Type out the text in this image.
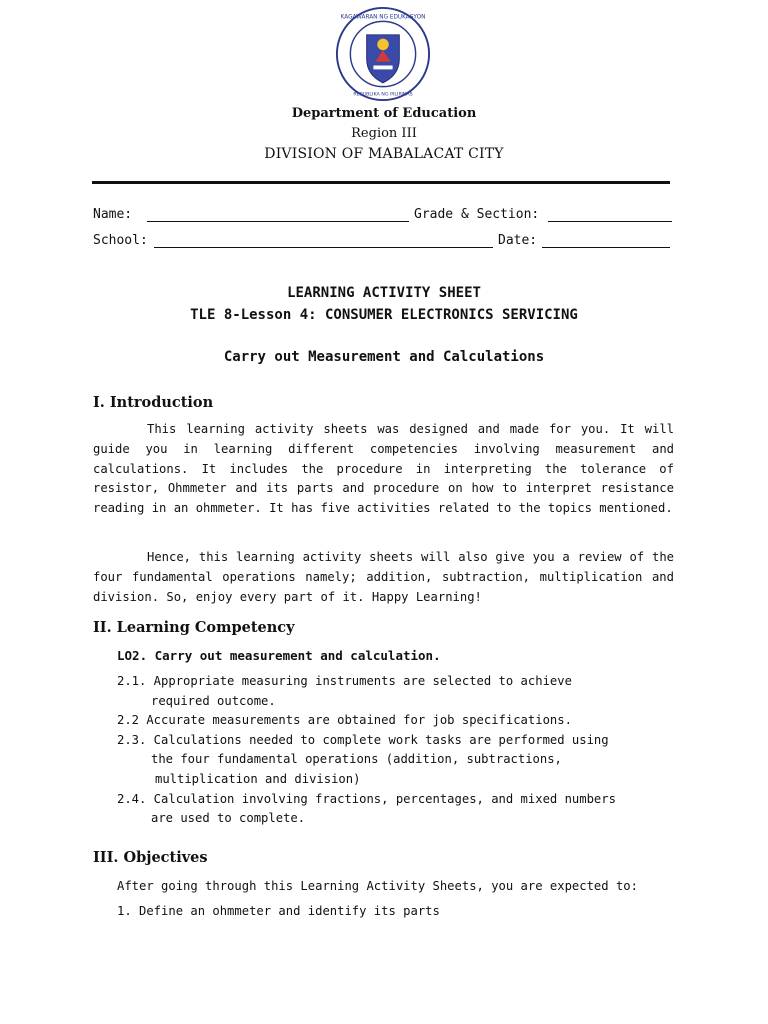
KAGAWARAN NG EDUKASYON
REPUBLIKA NG PILIPINAS
Department of Education
Region III
DIVISION OF MABALACAT CITY
Name:	Grade & Section:
School:	Date:
LEARNING ACTIVITY SHEET
TLE 8-Lesson 4: CONSUMER ELECTRONICS SERVICING
Carry out Measurement and Calculations
I. Introduction

This learning activity sheets was designed and made for you. It will guide you in learning different competencies involving measurement and calculations. It includes the procedure in interpreting the tolerance of resistor, Ohmmeter and its parts and procedure on how to interpret resistance reading in an ohmmeter. It has five activities related to the topics mentioned.

Hence, this learning activity sheets will also give you a review of the four fundamental operations namely; addition, subtraction, multiplication and division. So, enjoy every part of it. Happy Learning!

II. Learning Competency
LO2. Carry out measurement and calculation.
2.1. Appropriate measuring instruments are selected to achieve
required outcome.
2.2 Accurate measurements are obtained for job specifications.
2.3. Calculations needed to complete work tasks are performed using
the four fundamental operations (addition, subtractions,
multiplication and division)
2.4. Calculation involving fractions, percentages, and mixed numbers
are used to complete.
III. Objectives
After going through this Learning Activity Sheets, you are expected to:
1. Define an ohmmeter and identify its parts
